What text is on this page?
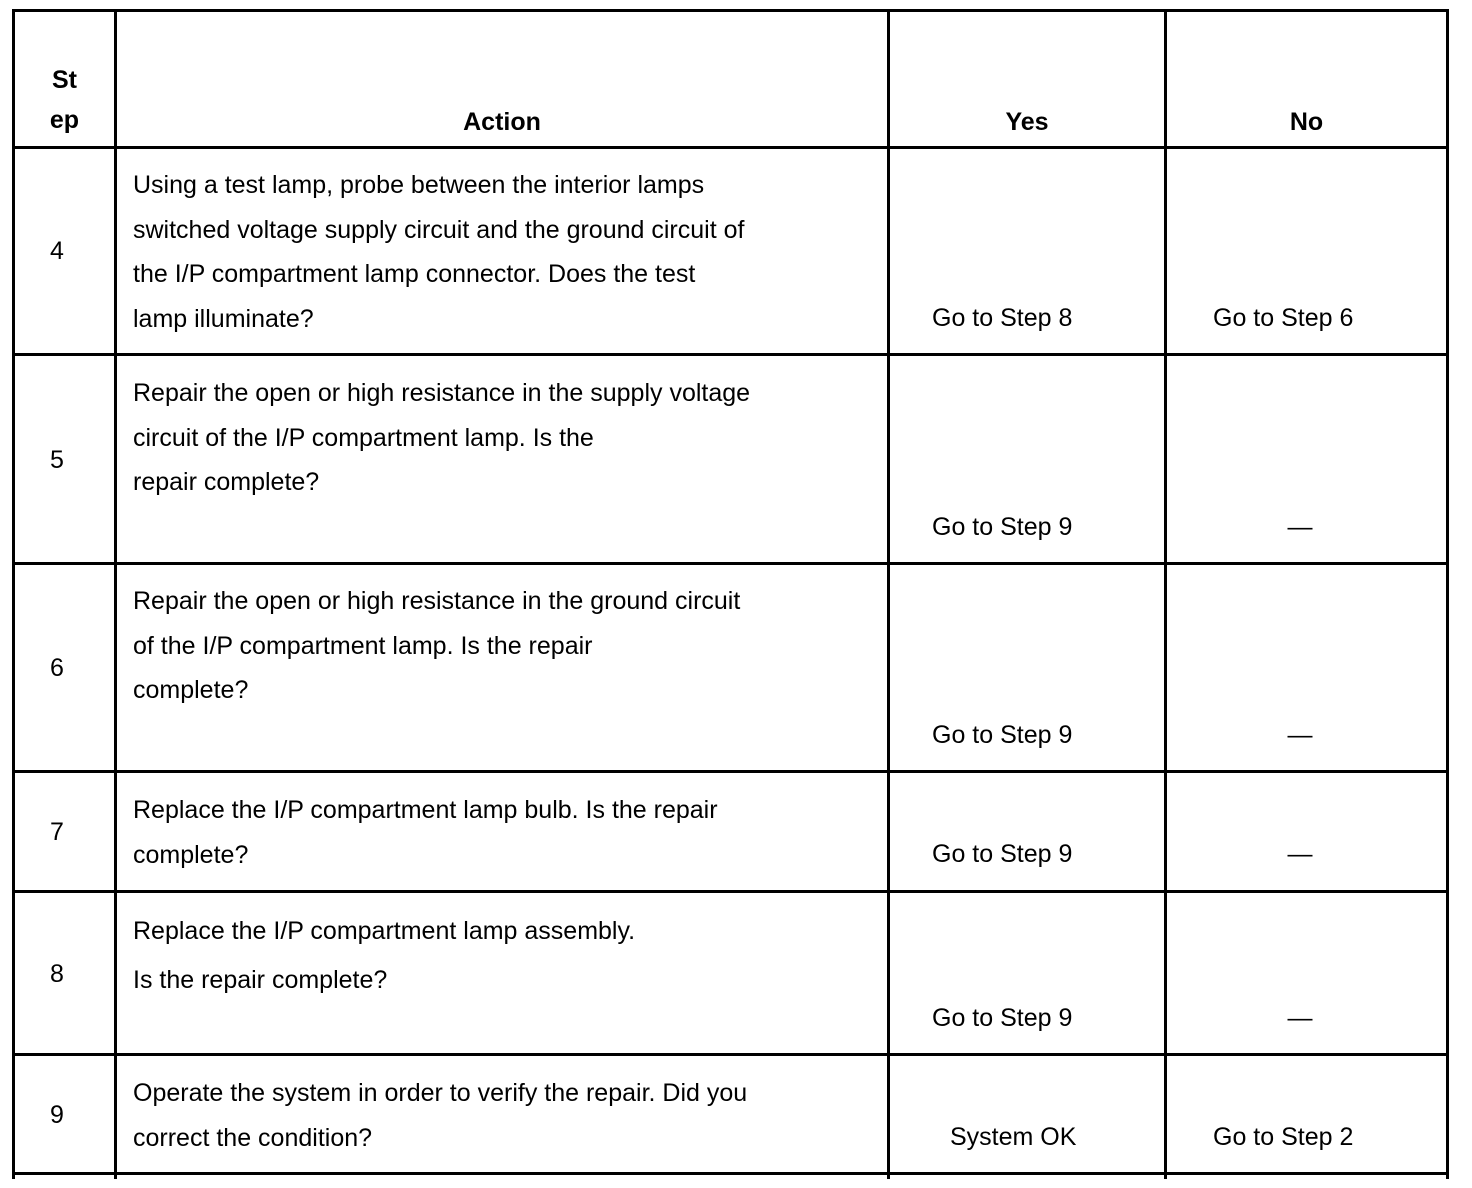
St
ep	Action	Yes	No
4
Using a test lamp, probe between the interior lamps
switched voltage supply circuit and the ground circuit of
the I/P compartment lamp connector. Does the test
lamp illuminate?	Go to Step 8	Go to Step 6
5
Repair the open or high resistance in the supply voltage
circuit of the I/P compartment lamp. Is the
repair complete?
Go to Step 9	—
6
Repair the open or high resistance in the ground circuit
of the I/P compartment lamp. Is the repair
complete?
Go to Step 9	—
7
Replace the I/P compartment lamp bulb. Is the repair
complete?	Go to Step 9	—
8
Replace the I/P compartment lamp assembly.
Is the repair complete?
Go to Step 9	—
9
Operate the system in order to verify the repair. Did you
correct the condition?	System OK	Go to Step 2
